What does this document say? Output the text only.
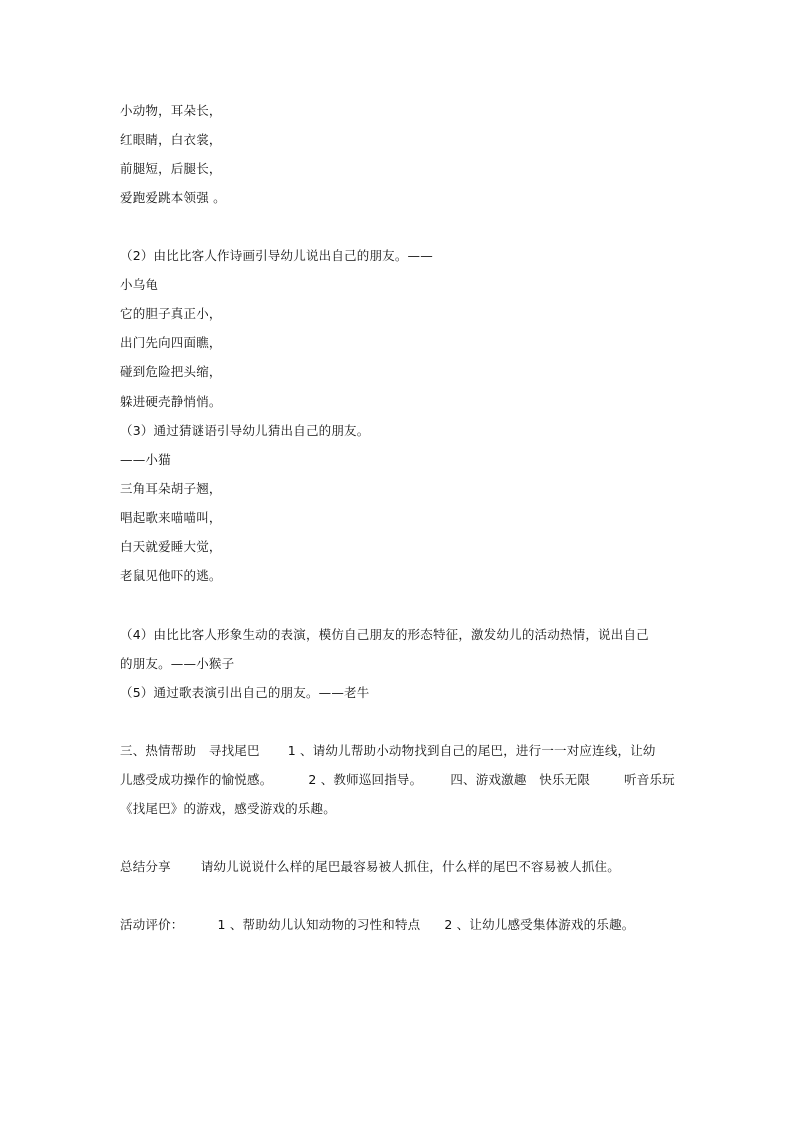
小动物，耳朵长，
红眼睛，白衣裳，
前腿短，后腿长，
爱跑爱跳本领强 。
（2）由比比客人作诗画引导幼儿说出自己的朋友。——
小乌龟
它的胆子真正小，
出门先向四面瞧，
碰到危险把头缩，
躲进硬壳静悄悄。
（3）通过猜谜语引导幼儿猜出自己的朋友。
——小猫
三角耳朵胡子翘，
唱起歌来喵喵叫，
白天就爱睡大觉，
老鼠见他吓的逃。
（4）由比比客人形象生动的表演，模仿自己朋友的形态特征，激发幼儿的活动热情，说出自己
的朋友。——小猴子
（5）通过歌表演引出自己的朋友。——老牛
三、热情帮助　寻找尾巴 1 、请幼儿帮助小动物找到自己的尾巴，进行一一对应连线，让幼
儿感受成功操作的愉悦感。	2 、教师巡回指导。 四、游戏激趣　快乐无限	听音乐玩
《找尾巴》的游戏，感受游戏的乐趣。
总结分享 请幼儿说说什么样的尾巴最容易被人抓住，什么样的尾巴不容易被人抓住。
活动评价：	1 、帮助幼儿认知动物的习性和特点 2 、让幼儿感受集体游戏的乐趣。
